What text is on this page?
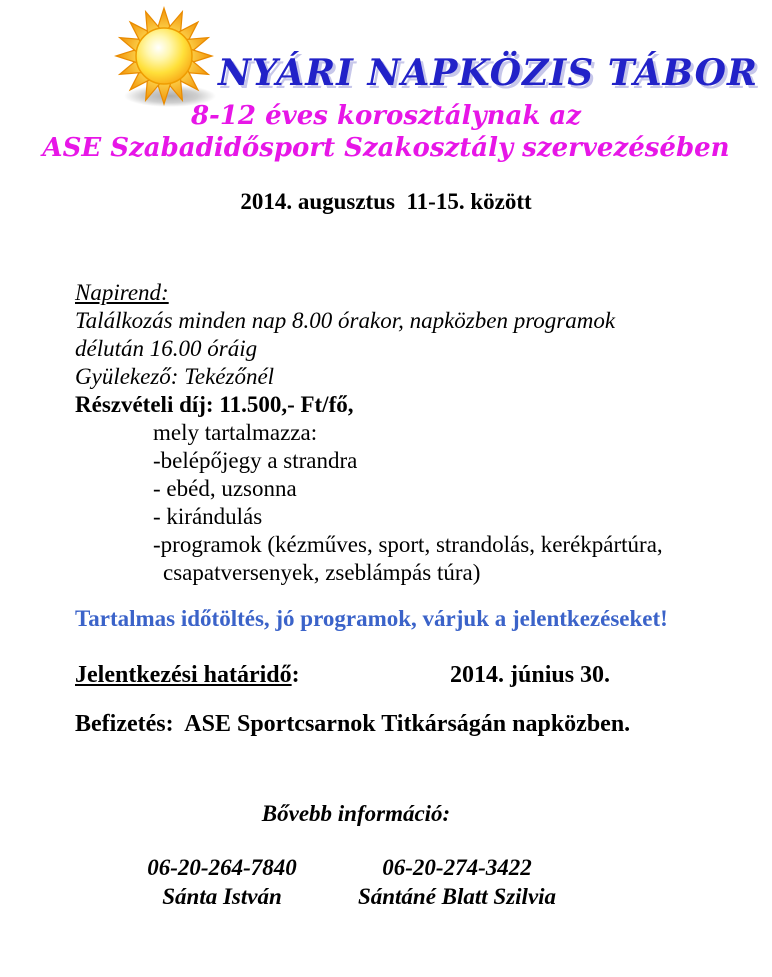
NYÁRI NAPKÖZIS TÁBOR
8-12 éves korosztálynak az
ASE Szabadidősport Szakosztály szervezésében
2014. augusztus  11-15. között
Napirend:
Találkozás minden nap 8.00 órakor, napközben programok
délután 16.00 óráig
Gyülekező: Tekézőnél
Részvételi díj: 11.500,- Ft/fő,
mely tartalmazza:
-belépőjegy a strandra
- ebéd, uzsonna
- kirándulás
-programok (kézműves, sport, strandolás, kerékpártúra,
csapatversenyek, zseblámpás túra)
Tartalmas időtöltés, jó programok, várjuk a jelentkezéseket!
Jelentkezési határidő:	2014. június 30.
Befizetés:  ASE Sportcsarnok Titkárságán napközben.
Bővebb információ:
06-20-264-7840
Sánta István
06-20-274-3422
Sántáné Blatt Szilvia
